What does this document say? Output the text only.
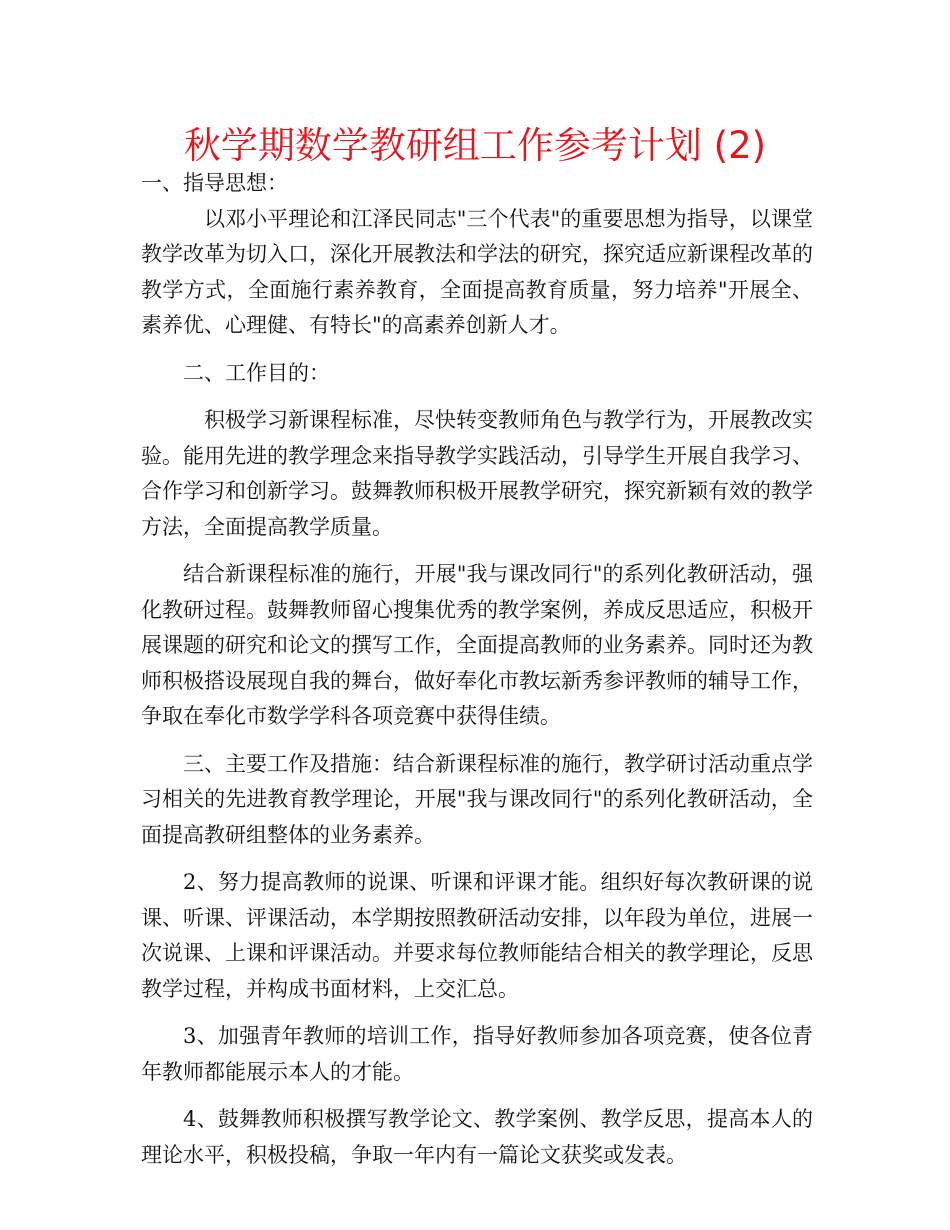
秋学期数学教研组工作参考计划 (2)

一、指导思想：

以邓小平理论和江泽民同志"三个代表"的重要思想为指导，以课堂教学改革为切入口，深化开展教法和学法的研究，探究适应新课程改革的教学方式，全面施行素养教育，全面提高教育质量，努力培养"开展全、素养优、心理健、有特长"的高素养创新人才。

二、工作目的：

积极学习新课程标准，尽快转变教师角色与教学行为，开展教改实验。能用先进的教学理念来指导教学实践活动，引导学生开展自我学习、合作学习和创新学习。鼓舞教师积极开展教学研究，探究新颖有效的教学方法，全面提高教学质量。

结合新课程标准的施行，开展"我与课改同行"的系列化教研活动，强化教研过程。鼓舞教师留心搜集优秀的教学案例，养成反思适应，积极开展课题的研究和论文的撰写工作，全面提高教师的业务素养。同时还为教师积极搭设展现自我的舞台，做好奉化市教坛新秀参评教师的辅导工作，争取在奉化市数学学科各项竞赛中获得佳绩。

三、主要工作及措施：结合新课程标准的施行，教学研讨活动重点学习相关的先进教育教学理论，开展"我与课改同行"的系列化教研活动，全面提高教研组整体的业务素养。

2、努力提高教师的说课、听课和评课才能。组织好每次教研课的说课、听课、评课活动，本学期按照教研活动安排，以年段为单位，进展一次说课、上课和评课活动。并要求每位教师能结合相关的教学理论，反思教学过程，并构成书面材料，上交汇总。

3、加强青年教师的培训工作，指导好教师参加各项竞赛，使各位青年教师都能展示本人的才能。

4、鼓舞教师积极撰写教学论文、教学案例、教学反思，提高本人的理论水平，积极投稿，争取一年内有一篇论文获奖或发表。
